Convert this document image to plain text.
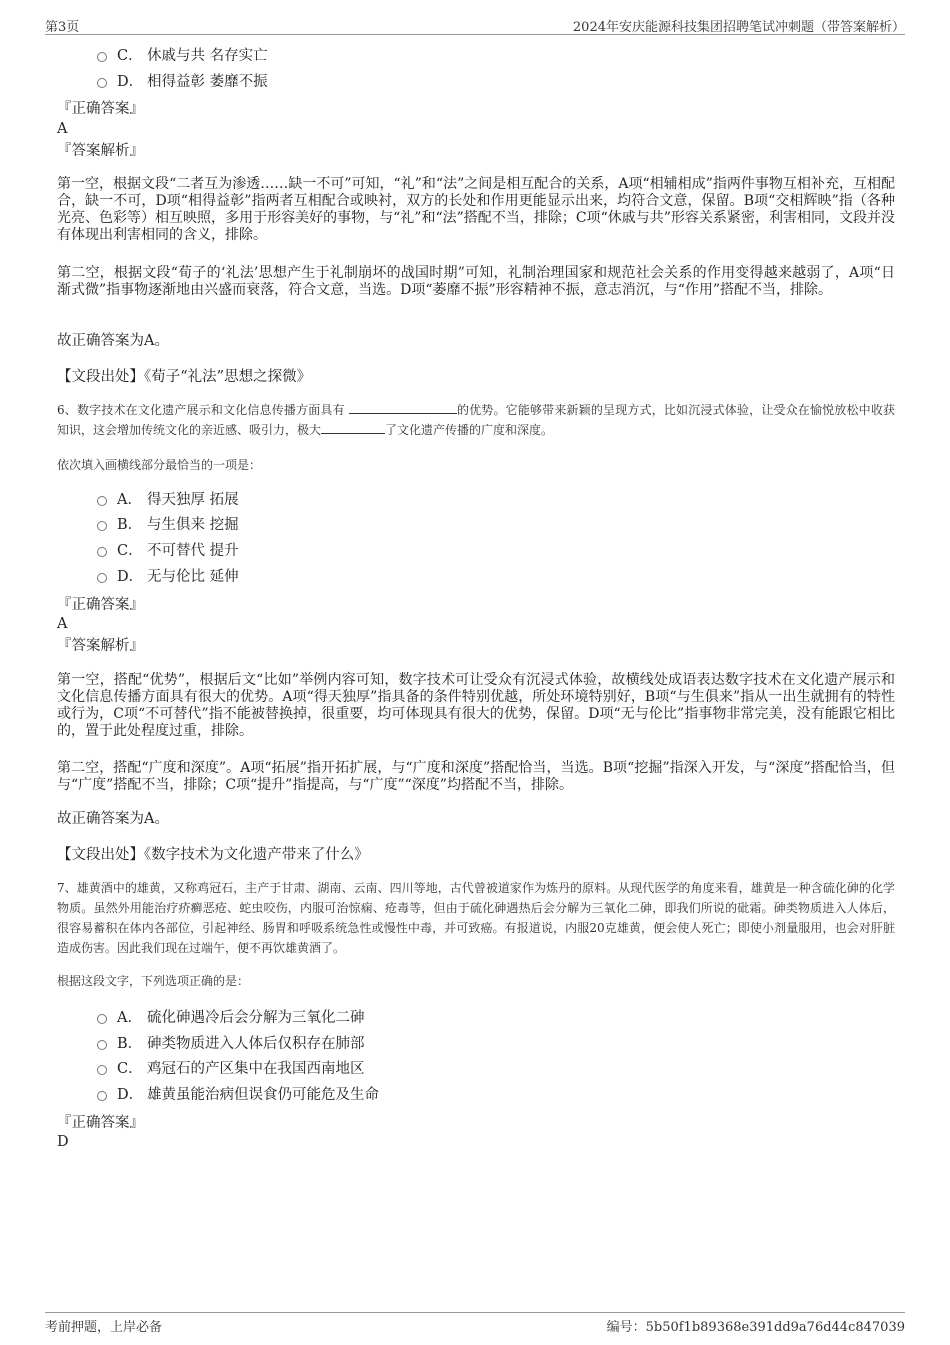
第3页	2024年安庆能源科技集团招聘笔试冲刺题（带答案解析）
C． 休戚与共 名存实亡
D． 相得益彰 萎靡不振
『正确答案』
A
『答案解析』
第一空，根据文段“二者互为渗透……缺一不可”可知，“礼”和“法”之间是相互配合的关系，A项“相辅相成”指两件事物互相补充，互相配合，缺一不可，D项“相得益彰”指两者互相配合或映衬，双方的长处和作用更能显示出来，均符合文意，保留。B项“交相辉映”指（各种光亮、色彩等）相互映照，多用于形容美好的事物，与“礼”和“法”搭配不当，排除；C项“休戚与共”形容关系紧密，利害相同，文段并没有体现出利害相同的含义，排除。
第二空，根据文段“荀子的‘礼法’思想产生于礼制崩坏的战国时期”可知，礼制治理国家和规范社会关系的作用变得越来越弱了，A项“日渐式微”指事物逐渐地由兴盛而衰落，符合文意，当选。D项“萎靡不振”形容精神不振，意志消沉，与“作用”搭配不当，排除。
故正确答案为A。
【文段出处】《荀子“礼法”思想之探微》
6、数字技术在文化遗产展示和文化信息传播方面具有	的优势。它能够带来新颖的呈现方式，比如沉浸式体验，让受众在愉悦放松中收获知识，这会增加传统文化的亲近感、吸引力，极大	了文化遗产传播的广度和深度。
依次填入画横线部分最恰当的一项是：
A． 得天独厚 拓展
B． 与生俱来 挖掘
C． 不可替代 提升
D． 无与伦比 延伸
『正确答案』
A
『答案解析』
第一空，搭配“优势”，根据后文“比如”举例内容可知，数字技术可让受众有沉浸式体验，故横线处成语表达数字技术在文化遗产展示和文化信息传播方面具有很大的优势。A项“得天独厚”指具备的条件特别优越，所处环境特别好，B项“与生俱来”指从一出生就拥有的特性或行为，C项“不可替代”指不能被替换掉，很重要，均可体现具有很大的优势，保留。D项“无与伦比”指事物非常完美，没有能跟它相比的，置于此处程度过重，排除。
第二空，搭配“广度和深度”。A项“拓展”指开拓扩展，与“广度和深度”搭配恰当，当选。B项“挖掘”指深入开发，与“深度”搭配恰当，但与“广度”搭配不当，排除；C项“提升”指提高，与“广度”“深度”均搭配不当，排除。
故正确答案为A。
【文段出处】《数字技术为文化遗产带来了什么》
7、雄黄酒中的雄黄，又称鸡冠石，主产于甘肃、湖南、云南、四川等地，古代曾被道家作为炼丹的原料。从现代医学的角度来看，雄黄是一种含硫化砷的化学物质。虽然外用能治疗疥癣恶疮、蛇虫咬伤，内服可治惊痫、疮毒等，但由于硫化砷遇热后会分解为三氧化二砷，即我们所说的砒霜。砷类物质进入人体后，很容易蓄积在体内各部位，引起神经、肠胃和呼吸系统急性或慢性中毒，并可致癌。有报道说，内服20克雄黄，便会使人死亡；即使小剂量服用，也会对肝脏造成伤害。因此我们现在过端午，便不再饮雄黄酒了。
根据这段文字，下列选项正确的是：
A． 硫化砷遇冷后会分解为三氧化二砷
B． 砷类物质进入人体后仅积存在肺部
C． 鸡冠石的产区集中在我国西南地区
D． 雄黄虽能治病但误食仍可能危及生命
『正确答案』
D
考前押题，上岸必备	编号：5b50f1b89368e391dd9a76d44c847039
